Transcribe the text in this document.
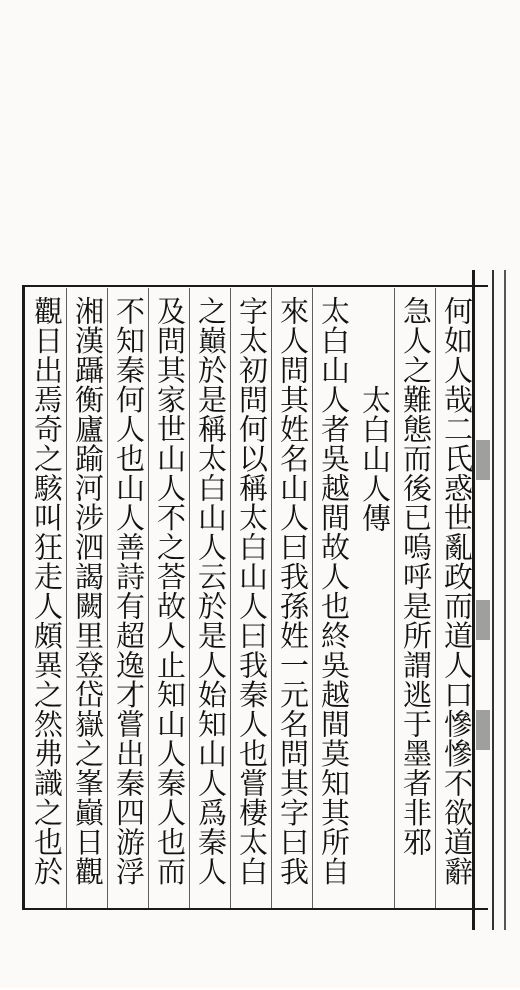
何如人哉二氏惑世亂政而道人口慘慘不欲道辭
急人之難態而後已嗚呼是所謂逃于墨者非邪
太白山人傳
太白山人者吳越間故人也終吳越間莫知其所自
來人問其姓名山人曰我孫姓一元名問其字曰我
字太初問何以稱太白山人曰我秦人也嘗棲太白
之巔於是稱太白山人云於是人始知山人爲秦人
及問其家世山人不之荅故人止知山人秦人也而
不知秦何人也山人善詩有超逸才嘗出秦四游浮
湘漢躡衡廬踰河涉泗謁闕里登岱嶽之峯巓日觀
觀日出焉奇之駭叫狂走人頗異之然弗識之也於
